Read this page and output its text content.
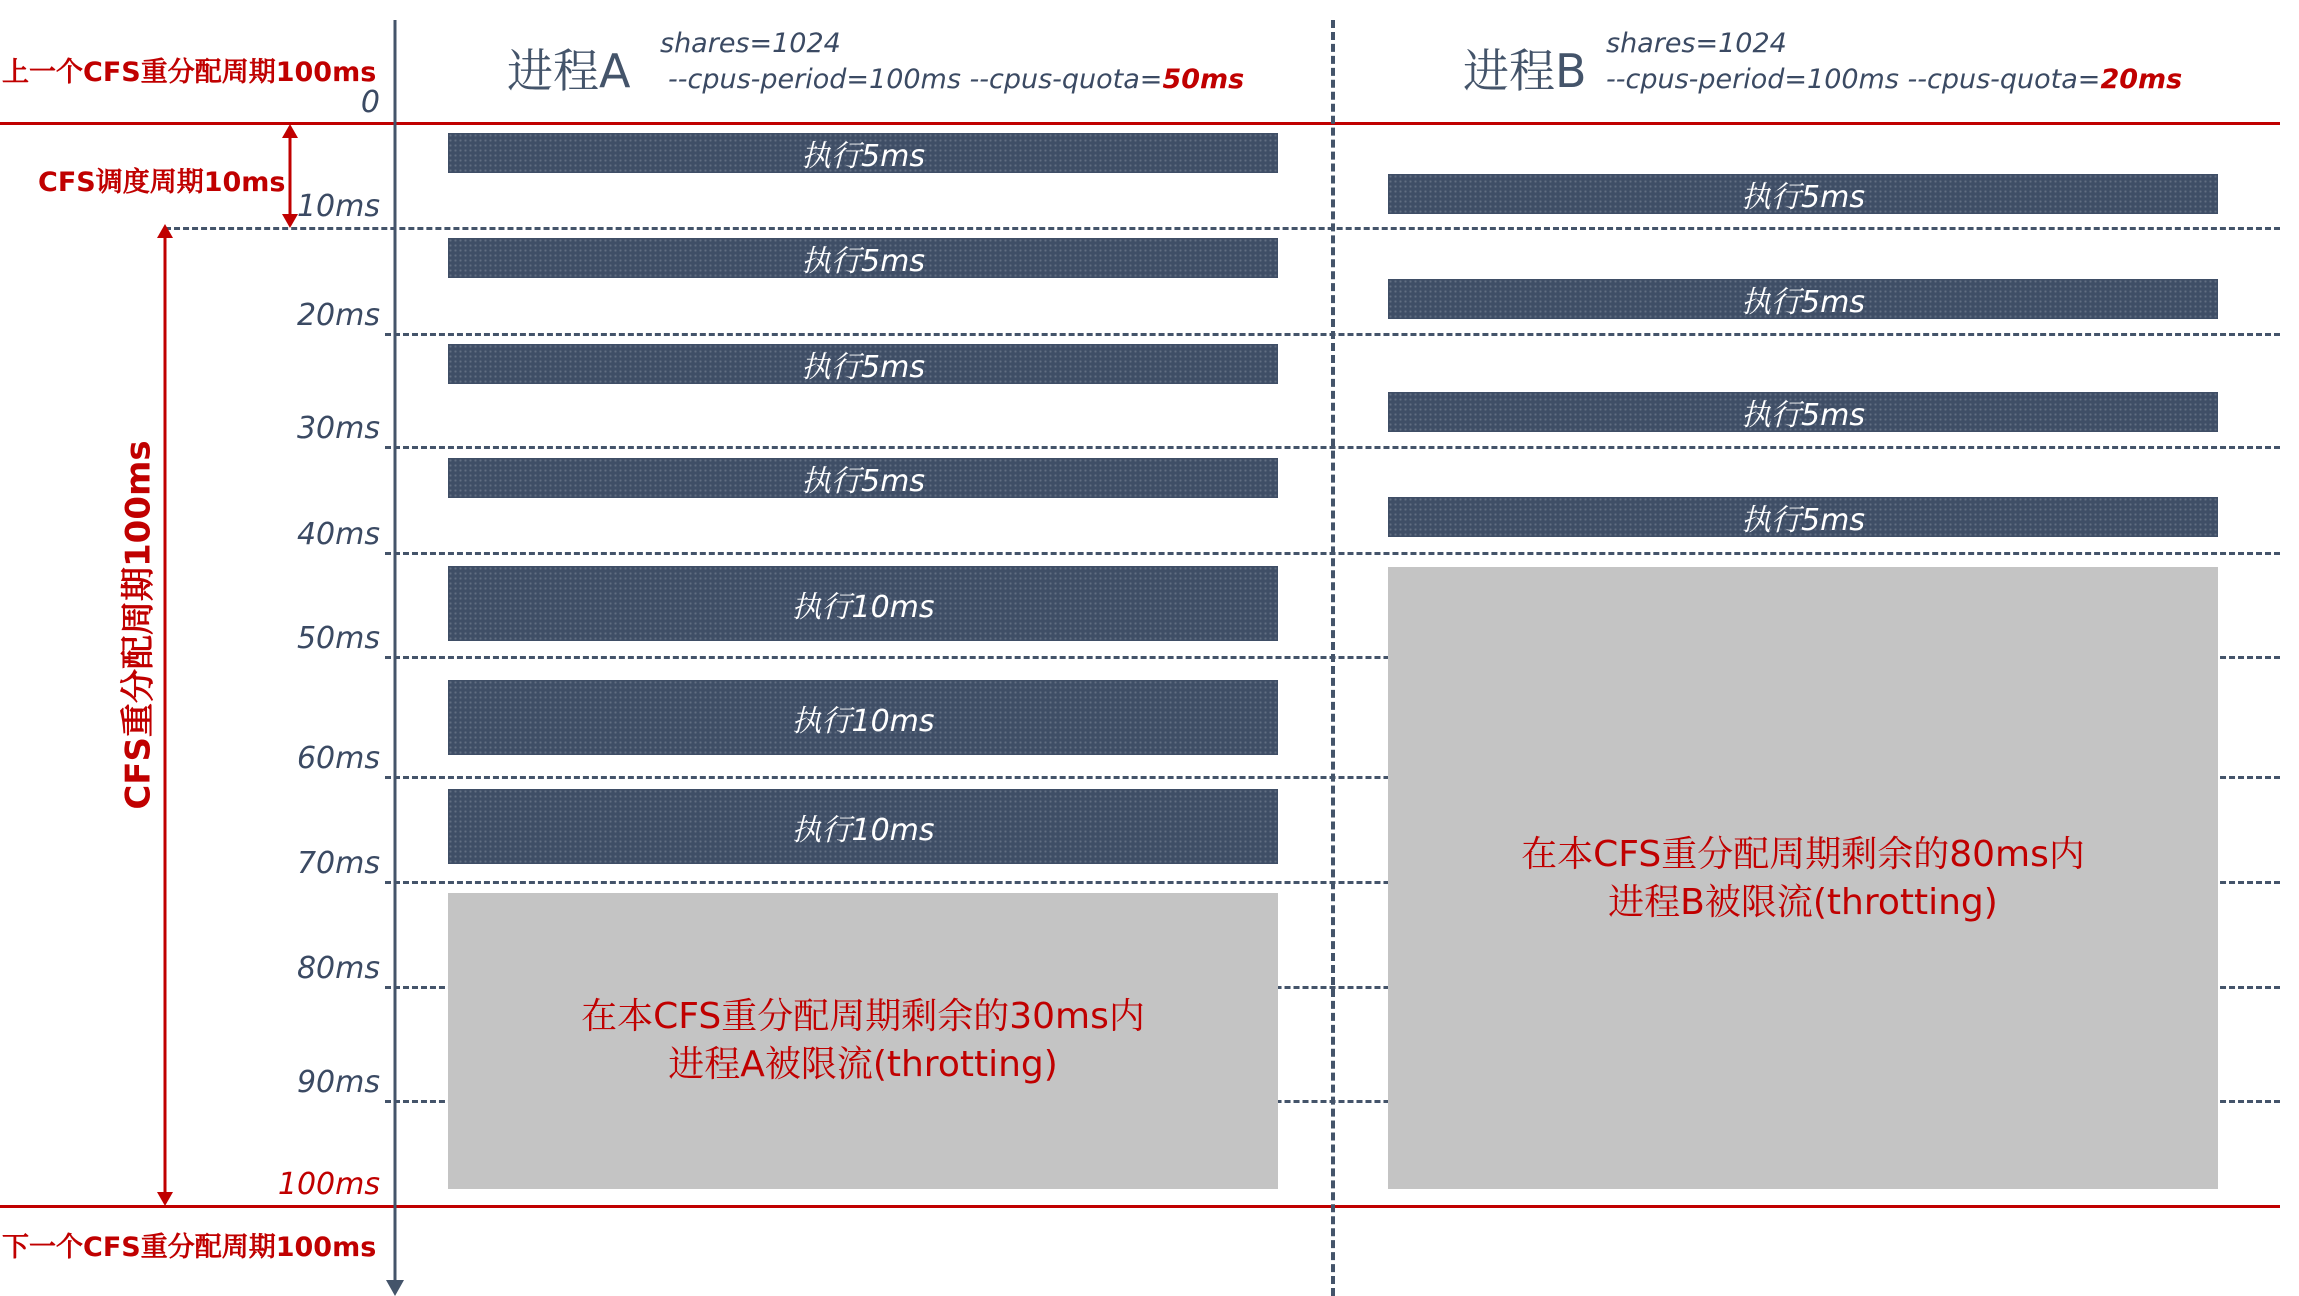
上一个CFS重分配周期100ms
下一个CFS重分配周期100ms
0
10ms
20ms
30ms
40ms
50ms
60ms
70ms
80ms
90ms
100ms
CFS调度周期10ms
CFS重分配周期100ms
进程A
shares=1024
--cpus-period=100ms --cpus-quota=50ms	进程B
shares=1024
--cpus-period=100ms --cpus-quota=20ms
执行5ms
执行5ms
执行5ms
执行5ms
执行10ms
执行10ms
执行10ms
在本CFS重分配周期剩余的30ms内
进程A被限流(throtting)
执行5ms
执行5ms
执行5ms
执行5ms
在本CFS重分配周期剩余的80ms内
进程B被限流(throtting)
